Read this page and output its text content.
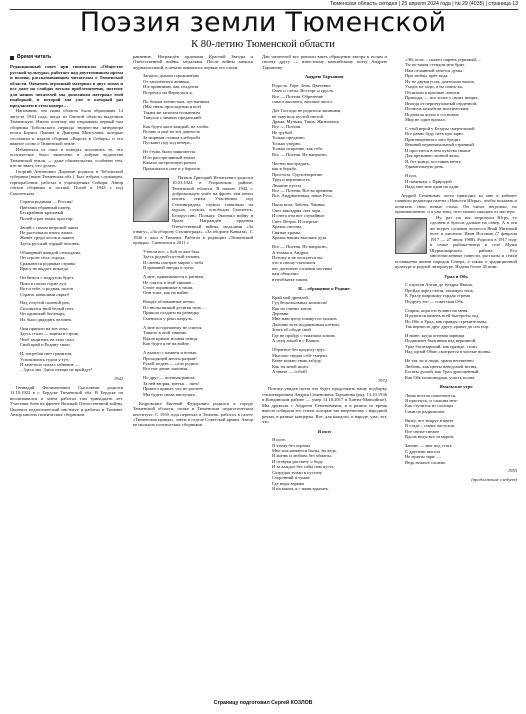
Тюменская область сегодня | 25 апреля 2024 года | № 29 (4035) | страница 13
Поэзия земли Тюменской
К 80-летию Тюменской области
Время читать

Редакционный совет при тюменском «Обществе русской культуры» работает над двухтомником прозы и поэзии, рассказывающим читателям о Тюменской области. Охватить огромный материал в двух томах и все даже на слайдах весьма проблематично, поэтому для наших читателей мы дополнили материал этой подборкой, в которой мы уже в который раз предлагаем в этом номере…

Напомним, что наша область была образована 14 августа 1944 года, когда из Омской области выделили Тюменскую. Имено поэтому мы открываем первый том сборника Тобольского периода творчества литератора поэта Бориса Лукина и Дмитрия Мизгулина, которые составили и издали сборник «Ворота в Сибирь» и его важное слово о Тюменской земле.

Избавиться от сиих в поводах исполнить то, что поэтическое было включено в добрые ведомства Тюменской земли, — даже обязательство, особенно тем, кто не знает, что делать.

Георгий Антонович Доронин родился в Тобольской губернии (ныне Тюменская обл.). Был избран, служащим, горнорабочим, работал в учреждениях Сибири. Автор стихов сборника и поэзий. Погиб в 1943 г. под Смоленском.

Страна родимая — Россия!
Цветами убранный шатёр,
Бескрайним красивый
Полей и рек твоих простор.
Звонй с тамом ветровой чаши
Не растолкало иного взмах.
Живёт среди лесов и пашен
Здесь русский гордый человек.
Обширный жаждой стиходаны,
Он строит сёла, города.
Сражаются родимые страны
Врагу не выдаст никогда.
Он бяться с недругом будет,
Пока в глазах горит луч.
Вот и тебе, о родная, полон
Страна, ковылями окрыт!
Над голубой полевой рек,
Склонился твой белый снег.
Он одинокий богатырь,
Их было двадцать человек.
Они пришли на зов отца,
Здесь стали — воины в строю,
Чтоб защитить на этих скал
Свой край и Родину свою.
И, погребая свет гранитом,
Успокоились гудом у тут;
И заметило сказал забвение —
– Здесь мы. Здесь немцы не пройдут!
1942

Геннадий Филимонович Сысолятин родился 11.10.1922 в г. Бердске Тюменской обл. В Бердске он воспитывался и затем работал там тринадцать лет. Участник боёв на фронте Великой Отечественной войны. Окончил педагогический институт и работал в Тюмени. Автор многих поэтических сборников.

равнение. Награждён орденами Красной Звезды и Отечественной войны, медалями. После войны занялся журналистикой, в печати появились первые его стихи.

Запахло дымом горьковатым
От запалённого жнивья.
И я принимаю, как солдатом
Встречал ты Вернуться я.
По белым тленистым, пустынным
(Мы снять прохладным и вое)
Таким же запахом полынным
Тянулся с зимних преданский.
Как будто мы в каждый, не злобы.
Вставь и ещё не тот данность
За мирным станом хлебороба
Пускают под ход вечера…
Из стужь были заикомеггы.
И из расстрелянный земли
Качали застрельную ромли
Прилипали к шее и у берегов.

Пятков Григорий Игнатьевич родился 10.01.1924 в Упоровском районе, Тюменской области. В начале 1942 г. добровольцем ушёл на фронт, там начал писать стихи. Участвовал под Сталинградом, служил танковым на курсах, служил, освободил Смоленск, Белоруссию, Польшу. Окончил войну в Праге. Награждён орденом Отечественной войны, медалями «За отвагу», «За оборону Сталинграда», «За оборону Кавказа». С 1946 г. жил в Тюмени. Работал в редакции «Тюменский правды». Скончался в 2011 г.

Утекли все, с бой за жиз был.
Здесь родной-пустый таланн,
И смены смотрит мирно с неба
В травяной звезды и луна.
А мне, прижимаются к ратным,
Не спится в этой тишине…
Стоит поранимые в тиши,
Они тоже, как на войне.
Вокруг обломанные ветки,
В стволы вязкий десятки пуль…
Пришла солдаты на разведку
Сменился у реки патруль.
А мне по-прежнему не спится.
Тяжело в этой тишине.
Вдали кричит ночная птица,
Как будто я не на войне.
А вышло с камнем и ночью.
Проходящей мечты разрыв!
Рукой подать — село родное.
Все ног денят запомни…
Но друг — военная равота,
За ней вторая, третья… пять!
Пришел приказ, что не расчете
Мы будем снова наступать.

Кедровских Евгений Федорович родился в городе Тюменской области, позже в Тюменском педагогическом институте. С 1950 года переехал в Тюмень, работал в газете «Тюменская правда», затем в отделе Советской армии. Автор нескольких поэтических сборников.

Дан читателей кто решили взять обращение автора к полям и своему другу — известному мансийскому поэту Андрею Тарханову:

Андрею Тарханову
Родость. Горе. Земь. Цветение.
Смех и слёзы. Восторг и грусть.
Все — Поэтия. Обретение
смысл высшего, высшие чисел.
Дал Господи не родиться лишними,
не тянуться пустой светой.
Драма. Музыка. Тишь. Жизнопись.
Все — Поэтия.
Не грубой.
Только преданно.
Только упорно.
Только искренне, как себе.
Все — Поэтия. Не напрасно.
Честно выстрадать,
как в борьбе.
Простота. Одухотворение.
Труд и вертинность.
Лишние пусты.
Все — Поэтия. Всё во времени.
Все, Андрюшенька, наша Русь.
Наша игла. Заботы. Чимны.
Свет завоздрия свет зари.
И снега отм вот случайные.
Свет. Ветры. И спертые.
Храмы сносны,
Святые храмы.
Храмы наших высоких душ.
Все — Поэтия. Не напрасно,
А только к Андреа.
Потому и не тоскуется ты,
что я спешу-спешился
нас дополнит словами частями
нам объяснил
в необъятке таком.
И… обращение к Родине:
Край мой дремлей.
Гуд бескозыльных колоколь!
Как на стиних катов,
Деревни
Мне навстречу плывут из холмов.
Дальние всех журавлиным клёвом,
Знать об обиде свой
Где не пройду с тяжёлым ломом,
А отец лихой и с Ваших.
Обратное без продолу-трус,
Мыстью сведая себе смерчи:
Разве можно твою забуду,
Как ты мной ишёл.
А иначе — собой!
1972

Потому увидев поэта что будет продолжить нашу подборку стихотворением Андрея Семеновича Тарханова (род. 13.10.1936 в Кондинском районе — умер 14.10.2017 в Ханты-Мансийске). Мы дружили с Андреем Семеновичем, и в разное то время вместе собирали его стихи, которые так вперемешку с народной речью, в разные концерты. Вот, для каждого, в народе, уже, тот, что.

Я поэт
Я поэт,
Я этому без охраны
Мне поклоняются былы, ты ведь.
И жизнь и любовь без обманы,
И отзвуки рассвету о бору.
И за каждое без сабы нам пусть
Сотрудах тумаи в пустоту.
Сторонний и туман
Где воды взрыва
Я на каком, я с нами вдыхать.
«Эй, поэт, – скажет парень угрюмый, –
Ты по-моим стендом мне брит.
Нам отчаянной хочется думы
При любви, прёт вода.
Ну не двумя усом, доятельно вызов,
Уходи, не ходи, а ты опять-ка,
Облизали в красные ломоти,
Приходи, — все хочет у своих нищих,
Иногда от перпетуальный сердечной,
Полночь колыбели мистическим,
Подожгла ясное в сосновых
Мир не один пропал.
С этой верой у Бездны смертельной
Все равно буду петь про зарю.
Приговоренного зато бредит
Вешний первоначальный странный.
И простится в нем чувства свыше
Для прежнюю личной жизь,
Я, без конца, поставив мечту
Удивительную речь.
Я пол,
И помешан, с Природой
Надо мне мне один на один.

Андрей Семёнович часто приходил ко мне в кабинет главного редактора газеты «Новости Югры», чтобы показать и почитать свои новые стихи. Он читал негромко, но проникновенно, и я уже знал, чего можно ожидать от мастера.

Ну, раз уж мы затронули Югру, то сделаем в бросок дальше на север. А в эти же встреч словами поэтесса Янай Мизовый поэт и писатель Иван Истомин (7 февраля 1917 — 27 июля 1988). Родился в 1917 году в семье рыбака-ненца в селе Мужи Шурышкарского района. Его многочисленные повести, рассказы и стихи посвящены жизни народов Севера, а также о традиционной культуре и родной литературе. Издано более 30 книг.

Урал и Обь
С отрогов Алтаи до тундры Ямала,
Пройда через степи, таежную топь,
К Уралу широкому гордая стремя
Подругу его — советская Обь.
Старик, коря отступают на меня,
И рушится камень всей быстроты ход.
Но Обь и Урал, как правды стремительны,
Так верность друг другу хранят до сих пор.
И ныне, когда огневая зарница
Поднимает былинная над вершиной,
Урал богатырский, как прежде, стоит
Над одной Обью смотрится в чистые волны.
Не так ли и люди, храня неизменно
Любовь, как цветы неведомой весны,
Богаты душой, как Урал драгоценный,
Как Обь полноводная, участь полна.
Ямальское утро
Лишь восток пошепчится,
Я проснусь, и слышна мне:
Как стучится из столицы
Гимн по радиоволне.
Вижу: все вокруг в цвете
В стаде – смена пастухов,
Все свеже-свежее
Вдоль воды все за морем.
Заново — мне под стать
С другими высота
Не нужны зари, —
Ведь нежное сложно.
1955
(продолжение следует)
Страницу подготовил Сергей КОЗЛОВ
